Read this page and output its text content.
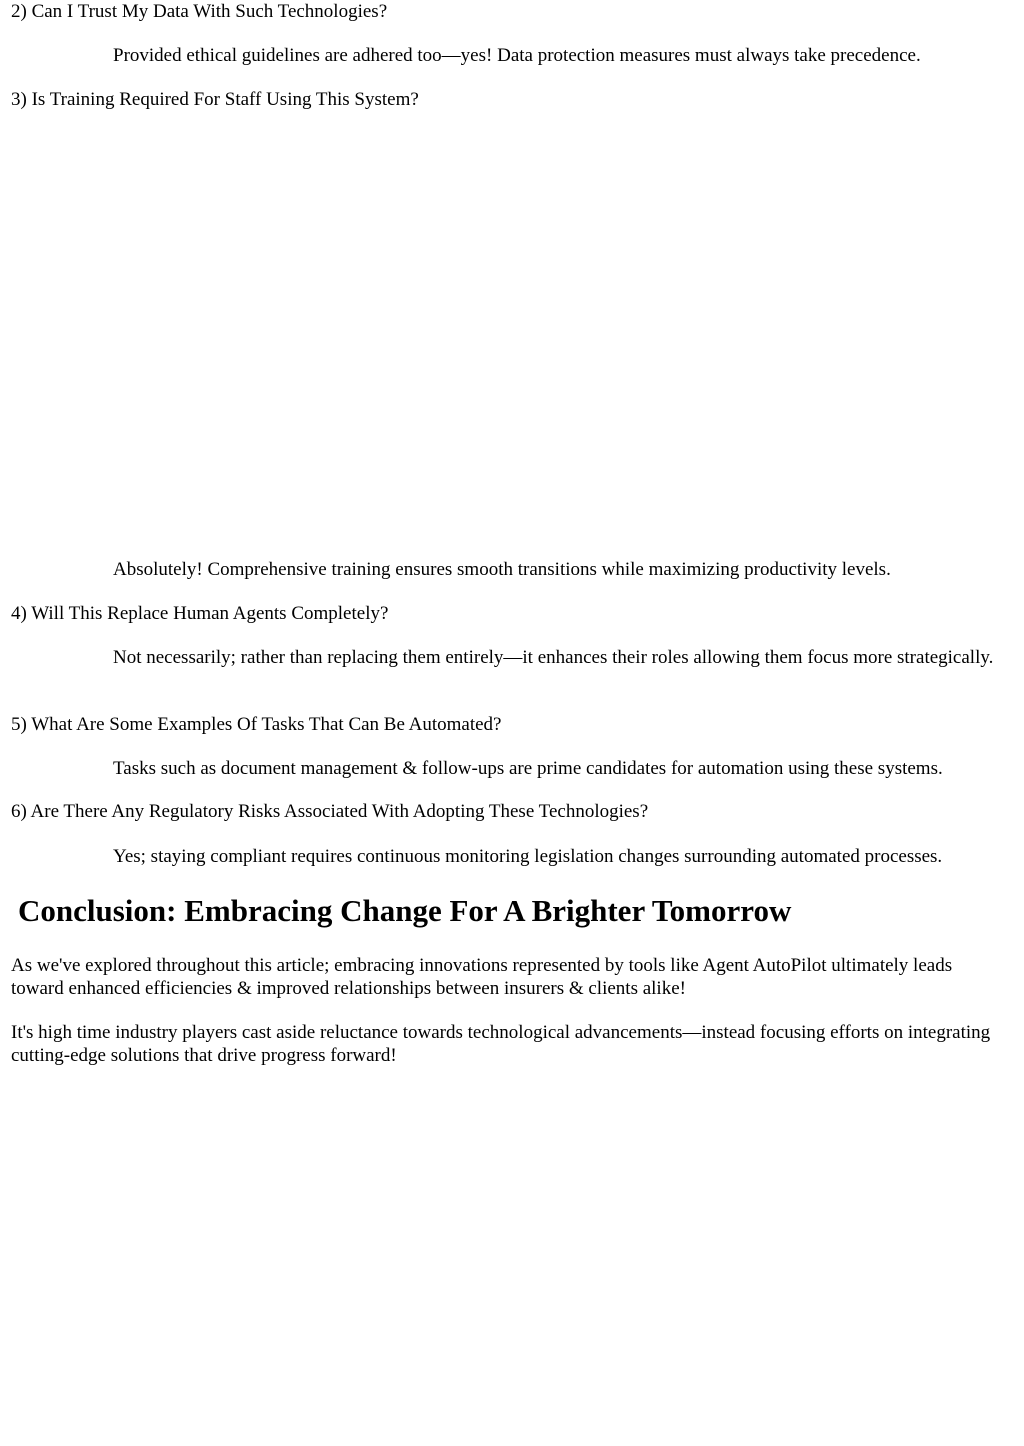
2) Can I Trust My Data With Such Technologies?

Provided ethical guidelines are adhered too—yes! Data protection measures must always take precedence.

3) Is Training Required For Staff Using This System?

Absolutely! Comprehensive training ensures smooth transitions while maximizing productivity levels.

4) Will This Replace Human Agents Completely?

Not necessarily; rather than replacing them entirely—it enhances their roles allowing them focus more strategically.

5) What Are Some Examples Of Tasks That Can Be Automated?

Tasks such as document management & follow-ups are prime candidates for automation using these systems.

6) Are There Any Regulatory Risks Associated With Adopting These Technologies?

Yes; staying compliant requires continuous monitoring legislation changes surrounding automated processes.

Conclusion: Embracing Change For A Brighter Tomorrow

As we've explored throughout this article; embracing innovations represented by tools like Agent AutoPilot ultimately leads toward enhanced efficiencies & improved relationships between insurers & clients alike!

It's high time industry players cast aside reluctance towards technological advancements—instead focusing efforts on integrating cutting-edge solutions that drive progress forward!
